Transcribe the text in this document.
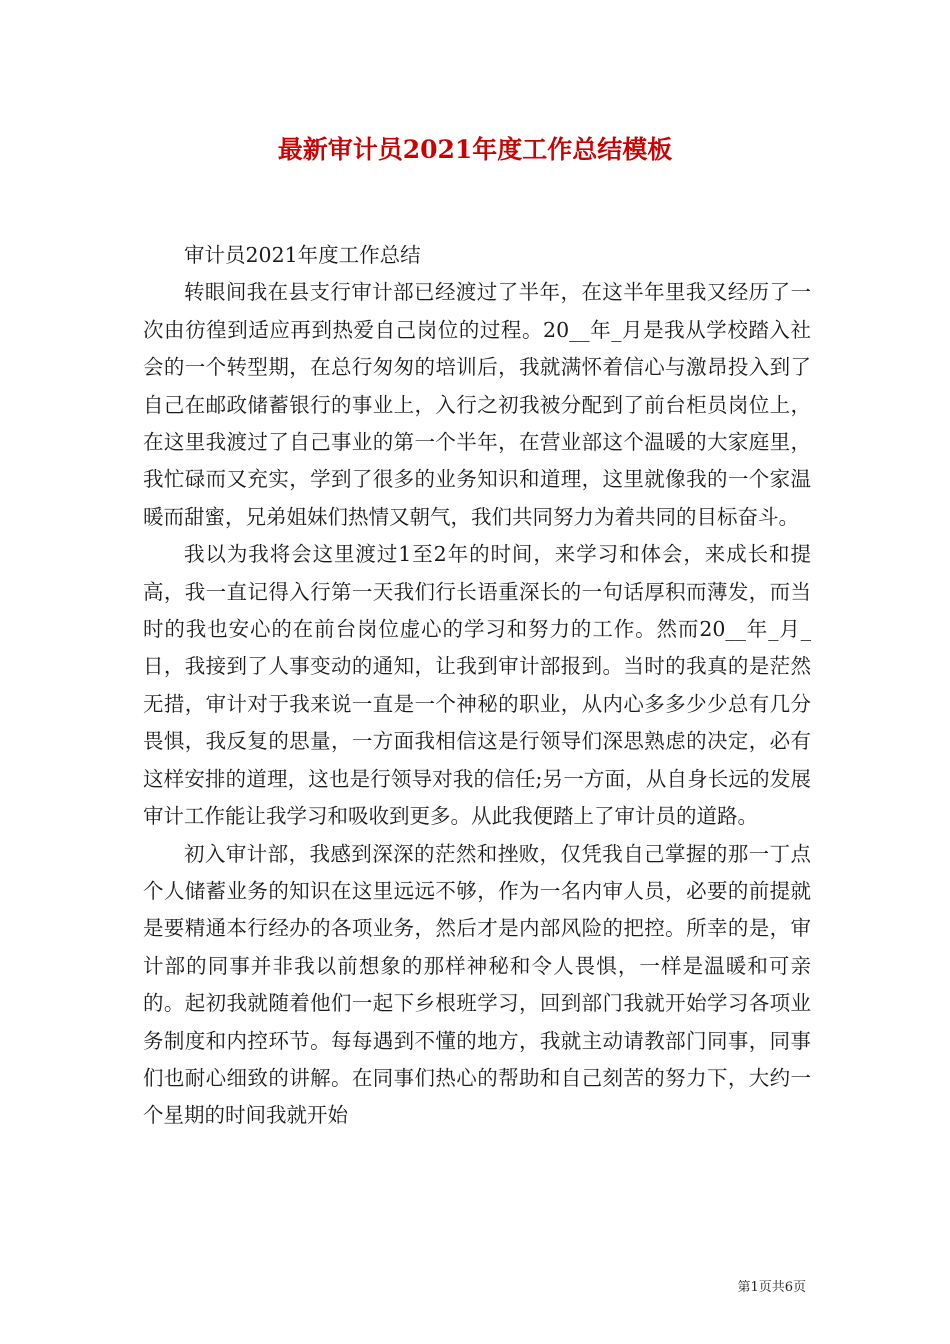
最新审计员2021年度工作总结模板

审计员2021年度工作总结

转眼间我在县支行审计部已经渡过了半年，在这半年里我又经历了一次由彷徨到适应再到热爱自己岗位的过程。20__年_月是我从学校踏入社会的一个转型期，在总行匆匆的培训后，我就满怀着信心与激昂投入到了自己在邮政储蓄银行的事业上，入行之初我被分配到了前台柜员岗位上，在这里我渡过了自己事业的第一个半年，在营业部这个温暖的大家庭里，我忙碌而又充实，学到了很多的业务知识和道理，这里就像我的一个家温暖而甜蜜，兄弟姐妹们热情又朝气，我们共同努力为着共同的目标奋斗。

我以为我将会这里渡过1至2年的时间，来学习和体会，来成长和提高，我一直记得入行第一天我们行长语重深长的一句话厚积而薄发，而当时的我也安心的在前台岗位虚心的学习和努力的工作。然而20__年_月_日，我接到了人事变动的通知，让我到审计部报到。当时的我真的是茫然无措，审计对于我来说一直是一个神秘的职业，从内心多多少少总有几分畏惧，我反复的思量，一方面我相信这是行领导们深思熟虑的决定，必有这样安排的道理，这也是行领导对我的信任;另一方面，从自身长远的发展审计工作能让我学习和吸收到更多。从此我便踏上了审计员的道路。

初入审计部，我感到深深的茫然和挫败，仅凭我自己掌握的那一丁点个人储蓄业务的知识在这里远远不够，作为一名内审人员，必要的前提就是要精通本行经办的各项业务，然后才是内部风险的把控。所幸的是，审计部的同事并非我以前想象的那样神秘和令人畏惧，一样是温暖和可亲的。起初我就随着他们一起下乡根班学习，回到部门我就开始学习各项业务制度和内控环节。每每遇到不懂的地方，我就主动请教部门同事，同事们也耐心细致的讲解。在同事们热心的帮助和自己刻苦的努力下，大约一个星期的时间我就开始

第1页共6页
